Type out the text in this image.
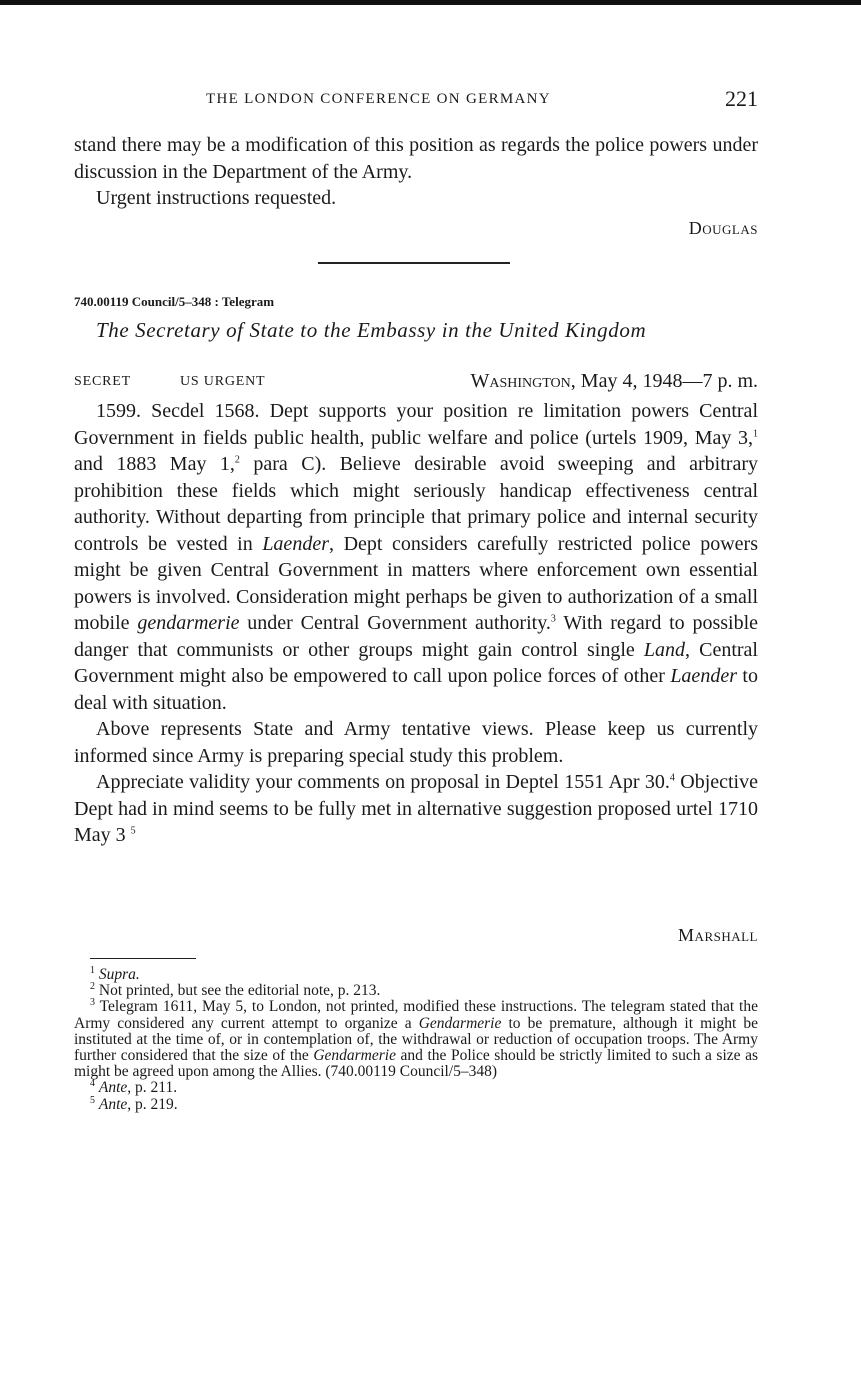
THE LONDON CONFERENCE ON GERMANY	221

stand there may be a modification of this position as regards the police powers under discussion in the Department of the Army.

Urgent instructions requested.

Douglas
740.00119 Council/5–348 : Telegram
The Secretary of State to the Embassy in the United Kingdom
SECRET	US URGENT	Washington, May 4, 1948—7 p. m.

1599. Secdel 1568. Dept supports your position re limitation powers Central Government in fields public health, public welfare and police (urtels 1909, May 3,$^1$ and 1883 May 1,$^2$ para C). Believe desirable avoid sweeping and arbitrary prohibition these fields which might seriously handicap effectiveness central authority. Without departing from principle that primary police and internal security controls be vested in Laender, Dept considers carefully restricted police powers might be given Central Government in matters where enforcement own essential powers is involved. Consideration might perhaps be given to authorization of a small mobile gendarmerie under Central Government authority.$^3$ With regard to possible danger that communists or other groups might gain control single Land, Central Government might also be empowered to call upon police forces of other Laender to deal with situation.

Above represents State and Army tentative views. Please keep us currently informed since Army is preparing special study this problem.

Appreciate validity your comments on proposal in Deptel 1551 Apr 30.$^4$ Objective Dept had in mind seems to be fully met in alternative suggestion proposed urtel 1710 May 3 $^5$

Marshall

$^1$ Supra.

$^2$ Not printed, but see the editorial note, p. 213.

$^3$ Telegram 1611, May 5, to London, not printed, modified these instructions. The telegram stated that the Army considered any current attempt to organize a Gendarmerie to be premature, although it might be instituted at the time of, or in contemplation of, the withdrawal or reduction of occupation troops. The Army further considered that the size of the Gendarmerie and the Police should be strictly limited to such a size as might be agreed upon among the Allies. (740.00119 Council/5–348)

$^4$ Ante, p. 211.

$^5$ Ante, p. 219.
